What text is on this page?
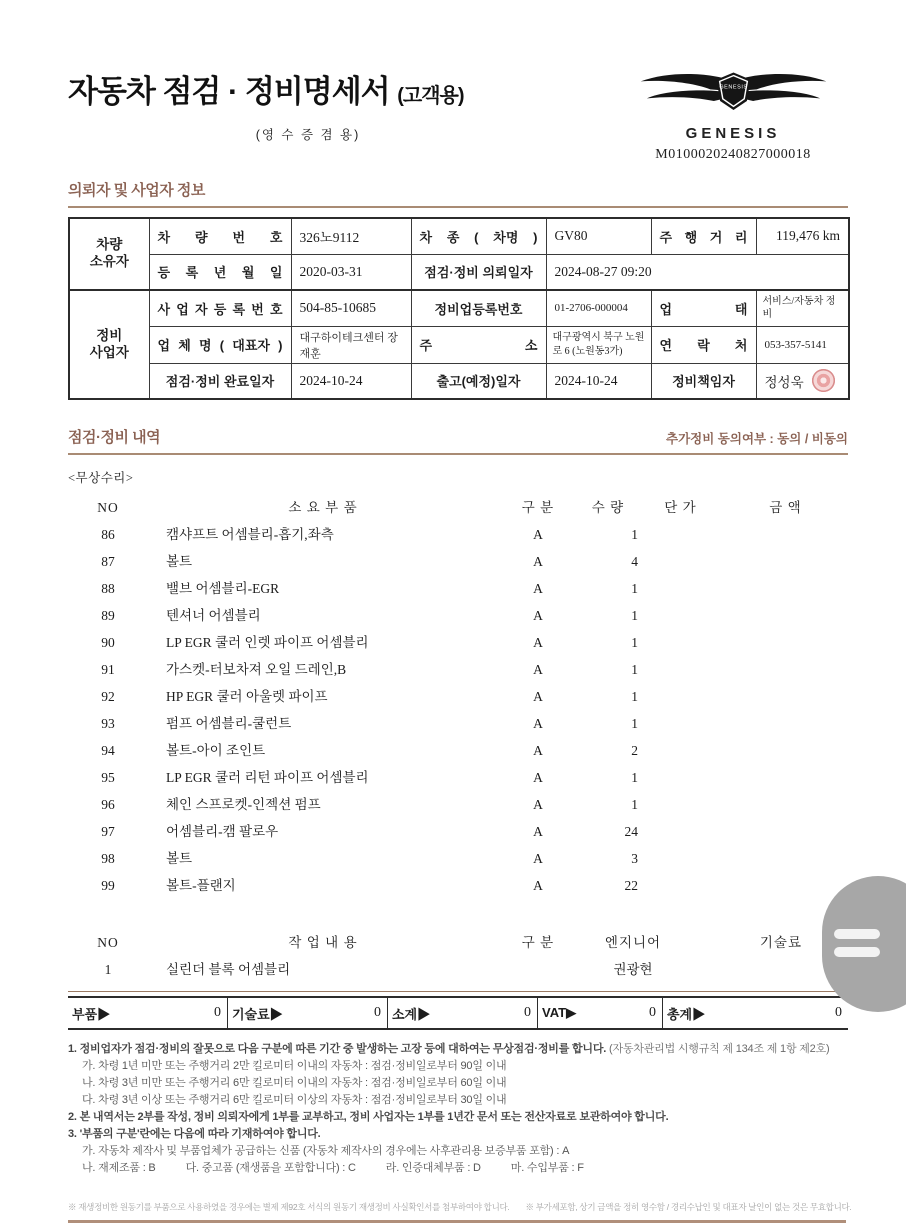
자동차 점검 · 정비명세서 (고객용)
(영 수 증 겸 용)
GENESIS
GENESIS
M0100020240827000018
의뢰자 및 사업자 정보
차량
소유자	차 량 번 호	326노9112	차 종 ( 차명 )	GV80	주 행 거 리	119,476 km
	등 록 년 월 일	2020-03-31	점검·정비 의뢰일자	2024-08-27 09:20		

정비
사업자	사 업 자 등 록 번 호	504-85-10685	정비업등록번호	01-2706-000004	업 태	서비스/자동차 정비
	업 체 명 ( 대표자 )	대구하이테크센터 장재훈	주 소	대구광역시 북구 노원로 6 (노원동3가)	연 락 처	053-357-5141
	점검·정비 완료일자	2024-10-24	출고(예정)일자	2024-10-24	정비책임자	정성욱
점검·정비 내역	추가정비 동의여부 : 동의 / 비동의
<무상수리>
NO	소 요 부 품	구 분	수 량	단 가	금 액
86	캠샤프트 어셈블리-흡기,좌측	A	1
87	볼트	A	4
88	밸브 어셈블리-EGR	A	1
89	텐셔너 어셈블리	A	1
90	LP EGR 쿨러 인렛 파이프 어셈블리	A	1
91	가스켓-터보차져 오일 드레인,B	A	1
92	HP EGR 쿨러 아울렛 파이프	A	1
93	펌프 어셈블리-쿨런트	A	1
94	볼트-아이 조인트	A	2
95	LP EGR 쿨러 리턴 파이프 어셈블리	A	1
96	체인 스프로켓-인젝션 펌프	A	1
97	어셈블리-캠 팔로우	A	24
98	볼트	A	3
99	볼트-플랜지	A	22
NO	작 업 내 용	구 분	엔지니어	기술료
1	실린더 블록 어셈블리	권광현
부품▶	0 기술료▶	0 소계▶	0 VAT▶	0 총계▶	0
1. 정비업자가 점검·정비의 잘못으로 다음 구분에 따른 기간 중 발생하는 고장 등에 대하여는 무상점검·정비를 합니다. (자동차관리법 시행규칙 제 134조 제 1항 제2호)
가. 차령 1년 미만 또는 주행거리 2만 킬로미터 이내의 자동차 : 점검·정비일로부터 90일 이내
나. 차령 3년 미만 또는 주행거리 6만 킬로미터 이내의 자동차 : 점검·정비일로부터 60일 이내
다. 차령 3년 이상 또는 주행거리 6만 킬로미터 이상의 자동차 : 점검·정비일로부터 30일 이내
2. 본 내역서는 2부를 작성, 정비 의뢰자에게 1부를 교부하고, 정비 사업자는 1부를 1년간 문서 또는 전산자료로 보관하여야 합니다.
3. '부품의 구분'란에는 다음에 따라 기재하여야 합니다.
가. 자동차 제작사 및 부품업체가 공급하는 신품 (자동차 제작사의 경우에는 사후관리용 보증부품 포함) : A
나. 재제조품 : B	다. 중고품 (재생품을 포함합니다) : C	라. 인증대체부품 : D	마. 수입부품 : F
※ 재생정비한 원동기를 부품으로 사용하였을 경우에는 별제 제92호 서식의 원동기 재생정비 사실확인서를 첨부하여야 합니다. ※ 부가세포함, 상기 금액을 정히 영수함 / 경리수납인 및 대표자 날인이 없는 것은 무효합니다.
